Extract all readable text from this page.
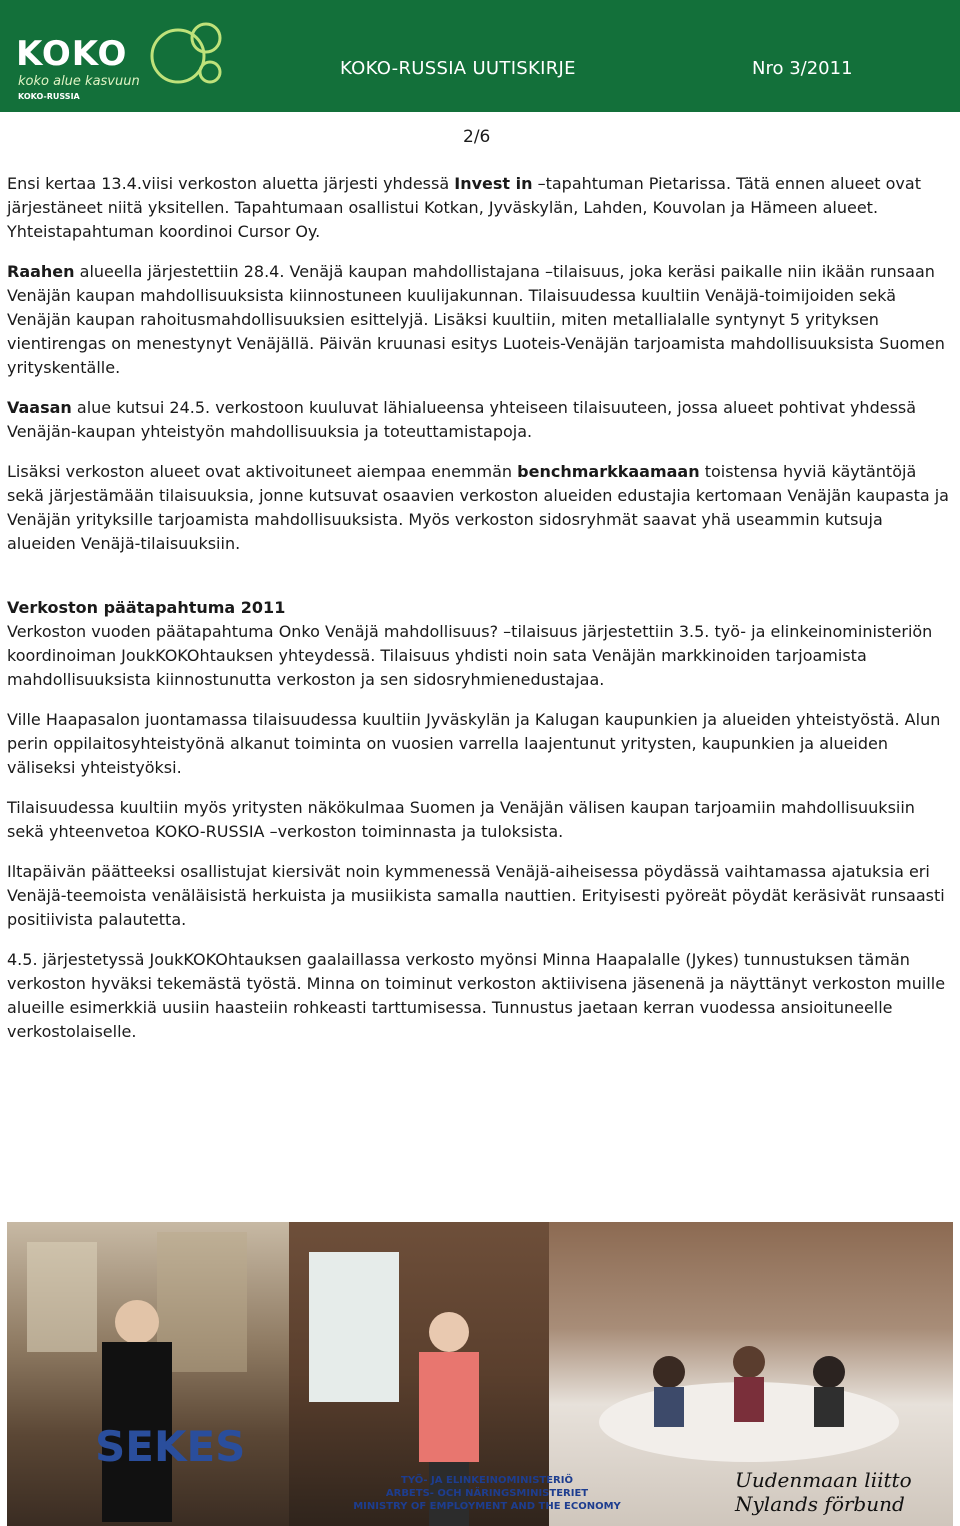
KOKO
koko alue kasvuun
KOKO-RUSSIA
KOKO-RUSSIA UUTISKIRJE	Nro 3/2011
2/6

Ensi kertaa 13.4.viisi verkoston aluetta järjesti yhdessä Invest in –tapahtuman Pietarissa. Tätä ennen alueet ovat järjestäneet niitä yksitellen. Tapahtumaan osallistui Kotkan, Jyväskylän, Lahden, Kouvolan ja Hämeen alueet. Yhteistapahtuman koordinoi Cursor Oy.

Raahen alueella järjestettiin 28.4. Venäjä kaupan mahdollistajana –tilaisuus, joka keräsi paikalle niin ikään runsaan Venäjän kaupan mahdollisuuksista kiinnostuneen kuulijakunnan. Tilaisuudessa kuultiin Venäjä-toimijoiden sekä Venäjän kaupan rahoitusmahdollisuuksien esittelyjä. Lisäksi kuultiin, miten metallialalle syntynyt 5 yrityksen vientirengas on menestynyt Venäjällä. Päivän kruunasi esitys Luoteis-Venäjän tarjoamista mahdollisuuksista Suomen yrityskentälle.

Vaasan alue kutsui 24.5. verkostoon kuuluvat lähialueensa yhteiseen tilaisuuteen, jossa alueet pohtivat yhdessä Venäjän-kaupan yhteistyön mahdollisuuksia ja toteuttamistapoja.

Lisäksi verkoston alueet ovat aktivoituneet aiempaa enemmän benchmarkkaamaan toistensa hyviä käytäntöjä sekä järjestämään tilaisuuksia, jonne kutsuvat osaavien verkoston alueiden edustajia kertomaan Venäjän kaupasta ja Venäjän yrityksille tarjoamista mahdollisuuksista. Myös verkoston sidosryhmät saavat yhä useammin kutsuja alueiden Venäjä-tilaisuuksiin.

Verkoston päätapahtuma 2011

Verkoston vuoden päätapahtuma Onko Venäjä mahdollisuus? –tilaisuus järjestettiin 3.5. työ- ja elinkeinoministeriön koordinoiman JoukKOKOhtauksen yhteydessä. Tilaisuus yhdisti noin sata Venäjän markkinoiden tarjoamista mahdollisuuksista kiinnostunutta verkoston ja sen sidosryhmienedustajaa.

Ville Haapasalon juontamassa tilaisuudessa kuultiin Jyväskylän ja Kalugan kaupunkien ja alueiden yhteistyöstä. Alun perin oppilaitosyhteistyönä alkanut toiminta on vuosien varrella laajentunut yritysten, kaupunkien ja alueiden väliseksi yhteistyöksi.

Tilaisuudessa kuultiin myös yritysten näkökulmaa Suomen ja Venäjän välisen kaupan tarjoamiin mahdollisuuksiin sekä yhteenvetoa KOKO-RUSSIA –verkoston toiminnasta ja tuloksista.

Iltapäivän päätteeksi osallistujat kiersivät noin kymmenessä Venäjä-aiheisessa pöydässä vaihtamassa ajatuksia eri Venäjä-teemoista venäläisistä herkuista ja musiikista samalla nauttien. Erityisesti pyöreät pöydät keräsivät runsaasti positiivista palautetta.

4.5. järjestetyssä JoukKOKOhtauksen gaalaillassa verkosto myönsi Minna Haapalalle (Jykes) tunnustuksen tämän verkoston hyväksi tekemästä työstä. Minna on toiminut verkoston aktiivisena jäsenenä ja näyttänyt verkoston muille alueille esimerkkiä uusiin haasteiin rohkeasti tarttumisessa. Tunnustus jaetaan kerran vuodessa ansioituneelle verkostolaiselle.

SEKES
TYÖ- JA ELINKEINOMINISTERIÖ
ARBETS- OCH NÄRINGSMINISTERIET
MINISTRY OF EMPLOYMENT AND THE ECONOMY
Uudenmaan liitto
Nylands förbund
